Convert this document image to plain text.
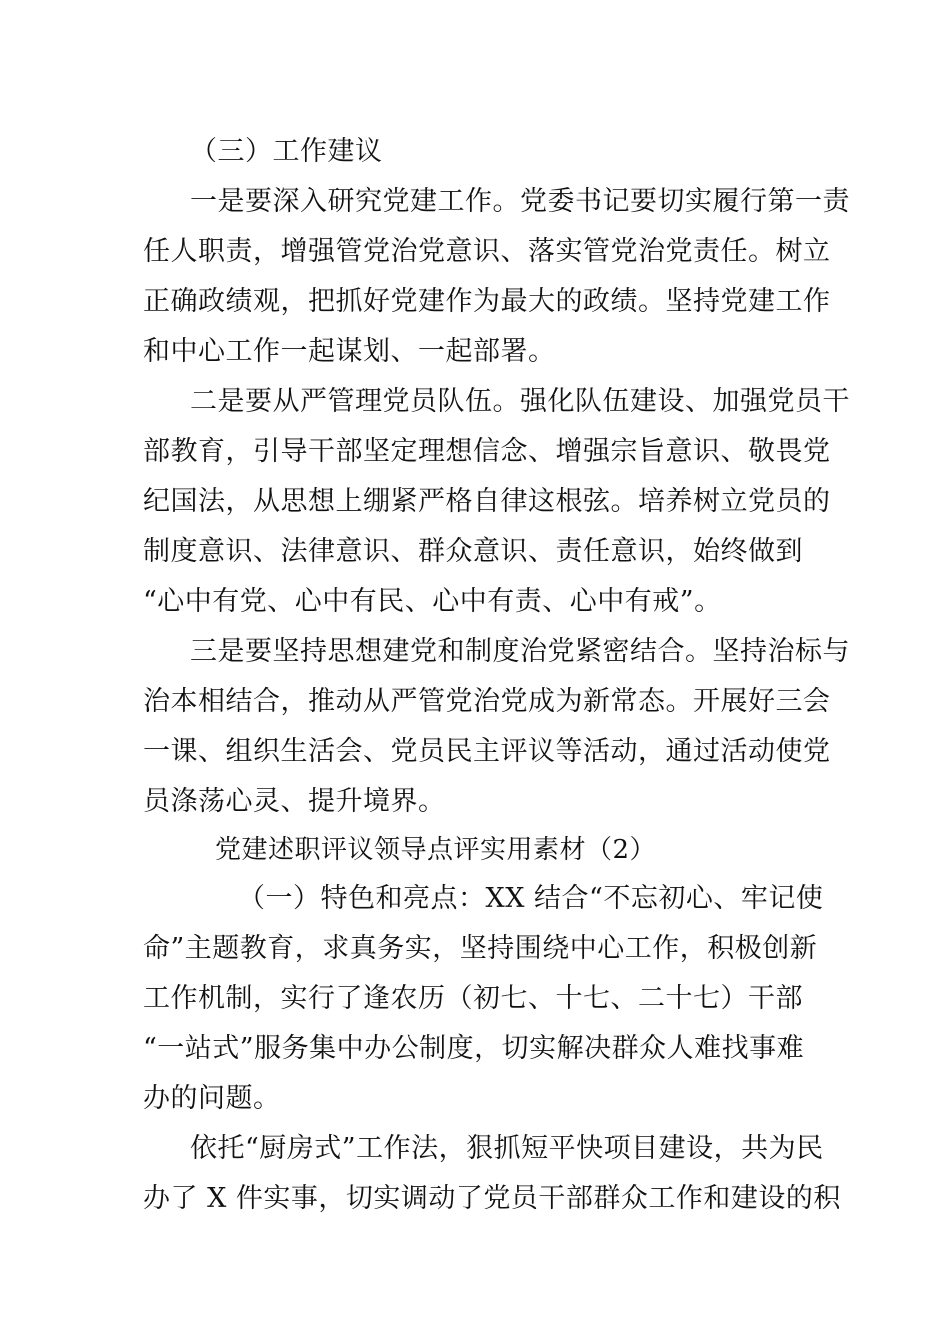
（三）工作建议
一是要深入研究党建工作。党委书记要切实履行第一责
任人职责，增强管党治党意识、落实管党治党责任。树立
正确政绩观，把抓好党建作为最大的政绩。坚持党建工作
和中心工作一起谋划、一起部署。
二是要从严管理党员队伍。强化队伍建设、加强党员干
部教育，引导干部坚定理想信念、增强宗旨意识、敬畏党
纪国法，从思想上绷紧严格自律这根弦。培养树立党员的
制度意识、法律意识、群众意识、责任意识，始终做到
“心中有党、心中有民、心中有责、心中有戒”。
三是要坚持思想建党和制度治党紧密结合。坚持治标与
治本相结合，推动从严管党治党成为新常态。开展好三会
一课、组织生活会、党员民主评议等活动，通过活动使党
员涤荡心灵、提升境界。
党建述职评议领导点评实用素材（2）
（一）特色和亮点：XX 结合“不忘初心、牢记使
命”主题教育，求真务实，坚持围绕中心工作，积极创新
工作机制，实行了逢农历（初七、十七、二十七）干部
“一站式”服务集中办公制度，切实解决群众人难找事难
办的问题。
依托“厨房式”工作法，狠抓短平快项目建设，共为民
办了 X 件实事，切实调动了党员干部群众工作和建设的积
